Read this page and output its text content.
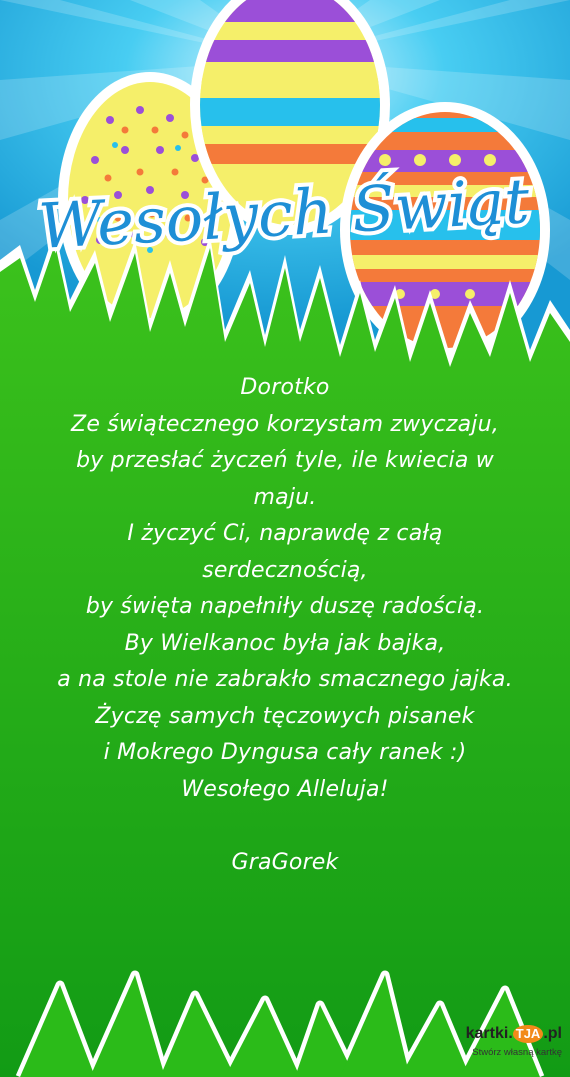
Wesołych Świąt
Dorotko
Ze świątecznego korzystam zwyczaju,
by przesłać życzeń tyle, ile kwiecia w
maju.
I życzyć Ci, naprawdę z całą
serdecznością,
by święta napełniły duszę radością.
By Wielkanoc była jak bajka,
a na stole nie zabrakło smacznego jajka.
Życzę samych tęczowych pisanek
i Mokrego Dyngusa cały ranek :)
Wesołego Alleluja!
GraGorek
kartki. TJA .pl
Stwórz własną kartkę
